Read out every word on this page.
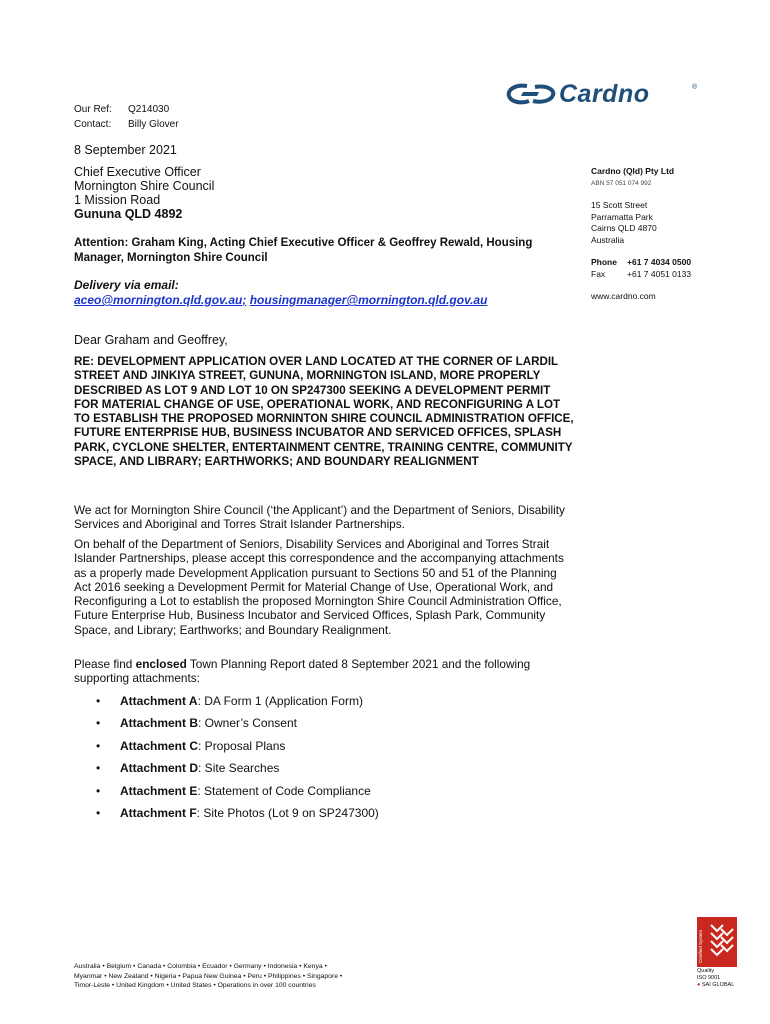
Our Ref: Q214030
Contact: Billy Glover
Cardno	®
8 September 2021
Chief Executive Officer
Mornington Shire Council
1 Mission Road
Gununa QLD 4892
Attention: Graham King, Acting Chief Executive Officer & Geoffrey Rewald, Housing Manager, Mornington Shire Council
Delivery via email:
aceo@mornington.qld.gov.au; housingmanager@mornington.qld.gov.au
Cardno (Qld) Pty Ltd
ABN 57 051 074 992
15 Scott Street
Parramatta Park
Cairns QLD 4870
Australia
Phone	+61 7 4034 0500
Fax	+61 7 4051 0133
www.cardno.com
Dear Graham and Geoffrey,
RE: DEVELOPMENT APPLICATION OVER LAND LOCATED AT THE CORNER OF LARDIL STREET AND JINKIYA STREET, GUNUNA, MORNINGTON ISLAND, MORE PROPERLY DESCRIBED AS LOT 9 AND LOT 10 ON SP247300 SEEKING A DEVELOPMENT PERMIT FOR MATERIAL CHANGE OF USE, OPERATIONAL WORK, AND RECONFIGURING A LOT TO ESTABLISH THE PROPOSED MORNINTON SHIRE COUNCIL ADMINISTRATION OFFICE, FUTURE ENTERPRISE HUB, BUSINESS INCUBATOR AND SERVICED OFFICES, SPLASH PARK, CYCLONE SHELTER, ENTERTAINMENT CENTRE, TRAINING CENTRE, COMMUNITY SPACE, AND LIBRARY; EARTHWORKS; AND BOUNDARY REALIGNMENT
We act for Mornington Shire Council (‘the Applicant’) and the Department of Seniors, Disability Services and Aboriginal and Torres Strait Islander Partnerships.
On behalf of the Department of Seniors, Disability Services and Aboriginal and Torres Strait Islander Partnerships, please accept this correspondence and the accompanying attachments as a properly made Development Application pursuant to Sections 50 and 51 of the Planning Act 2016 seeking a Development Permit for Material Change of Use, Operational Work, and Reconfiguring a Lot to establish the proposed Mornington Shire Council Administration Office, Future Enterprise Hub, Business Incubator and Serviced Offices, Splash Park, Community Space, and Library; Earthworks; and Boundary Realignment.
Please find enclosed Town Planning Report dated 8 September 2021 and the following supporting attachments:
•	Attachment A : DA Form 1 (Application Form)
•	Attachment B : Owner’s Consent
•	Attachment C : Proposal Plans
•	Attachment D : Site Searches
•	Attachment E : Statement of Code Compliance
•	Attachment F : Site Photos (Lot 9 on SP247300)
Australia • Belgium • Canada • Colombia • Ecuador • Germany • Indonesia • Kenya •
Myanmar • New Zealand • Nigeria • Papua New Guinea • Peru • Philippines • Singapore •
Timor-Leste • United Kingdom • United States • Operations in over 100 countries
Certified System
Quality
ISO 9001
● SAI GLOBAL
